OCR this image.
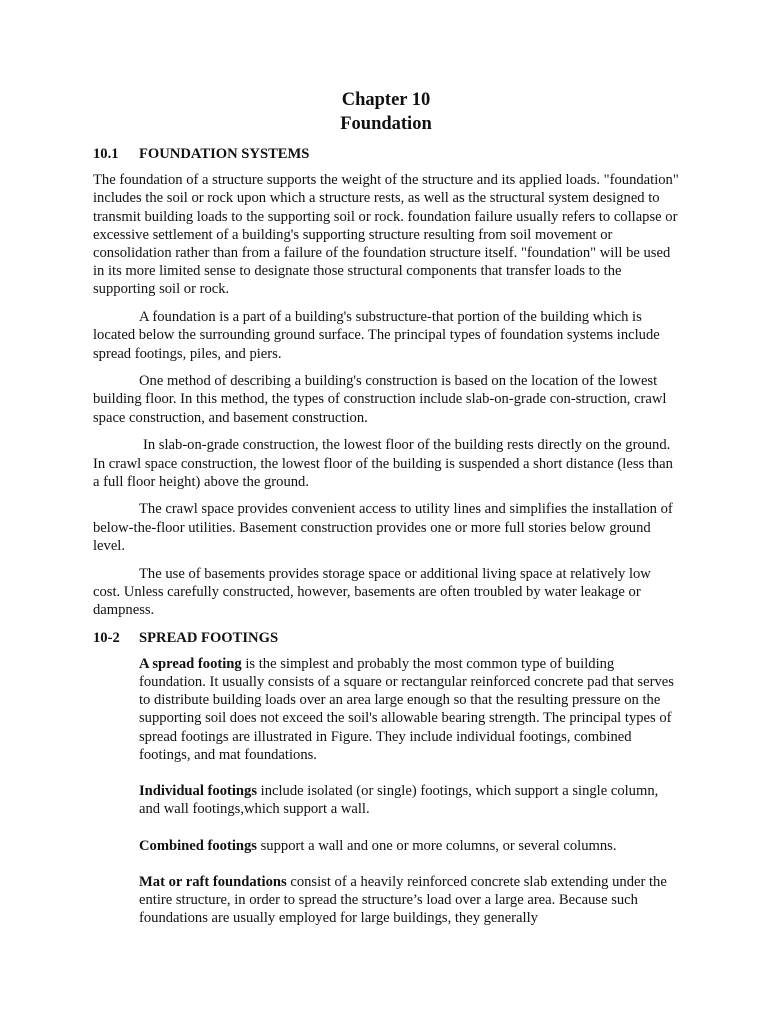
Chapter 10
Foundation
10.1	FOUNDATION SYSTEMS

The foundation of a structure supports the weight of the structure and its applied loads. "foundation" includes the soil or rock upon which a structure rests, as well as the structural system designed to transmit building loads to the supporting soil or rock. foundation failure usually refers to collapse or excessive settlement of a building's supporting structure resulting from soil movement or consolidation rather than from a failure of the foundation structure itself. "foundation" will be used in its more limited sense to designate those structural components that transfer loads to the supporting soil or rock.

A foundation is a part of a building's substructure-that portion of the building which is located below the surrounding ground surface. The principal types of foundation systems include spread footings, piles, and piers.

One method of describing a building's construction is based on the location of the lowest building floor. In this method, the types of construction include slab-on-grade con-struction, crawl space construction, and basement construction.

In slab-on-grade construction, the lowest floor of the building rests directly on the ground. In crawl space construction, the lowest floor of the building is suspended a short distance (less than a full floor height) above the ground.

The crawl space provides convenient access to utility lines and simplifies the installation of below-the-floor utilities. Basement construction provides one or more full stories below ground level.

The use of basements provides storage space or additional living space at relatively low cost. Unless carefully constructed, however, basements are often troubled by water leakage or dampness.

10-2	SPREAD FOOTINGS

A spread footing is the simplest and probably the most common type of building foundation. It usually consists of a square or rectangular reinforced concrete pad that serves to distribute building loads over an area large enough so that the resulting pressure on the supporting soil does not exceed the soil's allowable bearing strength. The principal types of spread footings are illustrated in Figure. They include individual footings, combined footings, and mat foundations.

Individual footings include isolated (or single) footings, which support a single column, and wall footings,which support a wall.

Combined footings support a wall and one or more columns, or several columns.

Mat or raft foundations consist of a heavily reinforced concrete slab extending under the entire structure, in order to spread the structure’s load over a large area. Because such foundations are usually employed for large buildings, they generally
